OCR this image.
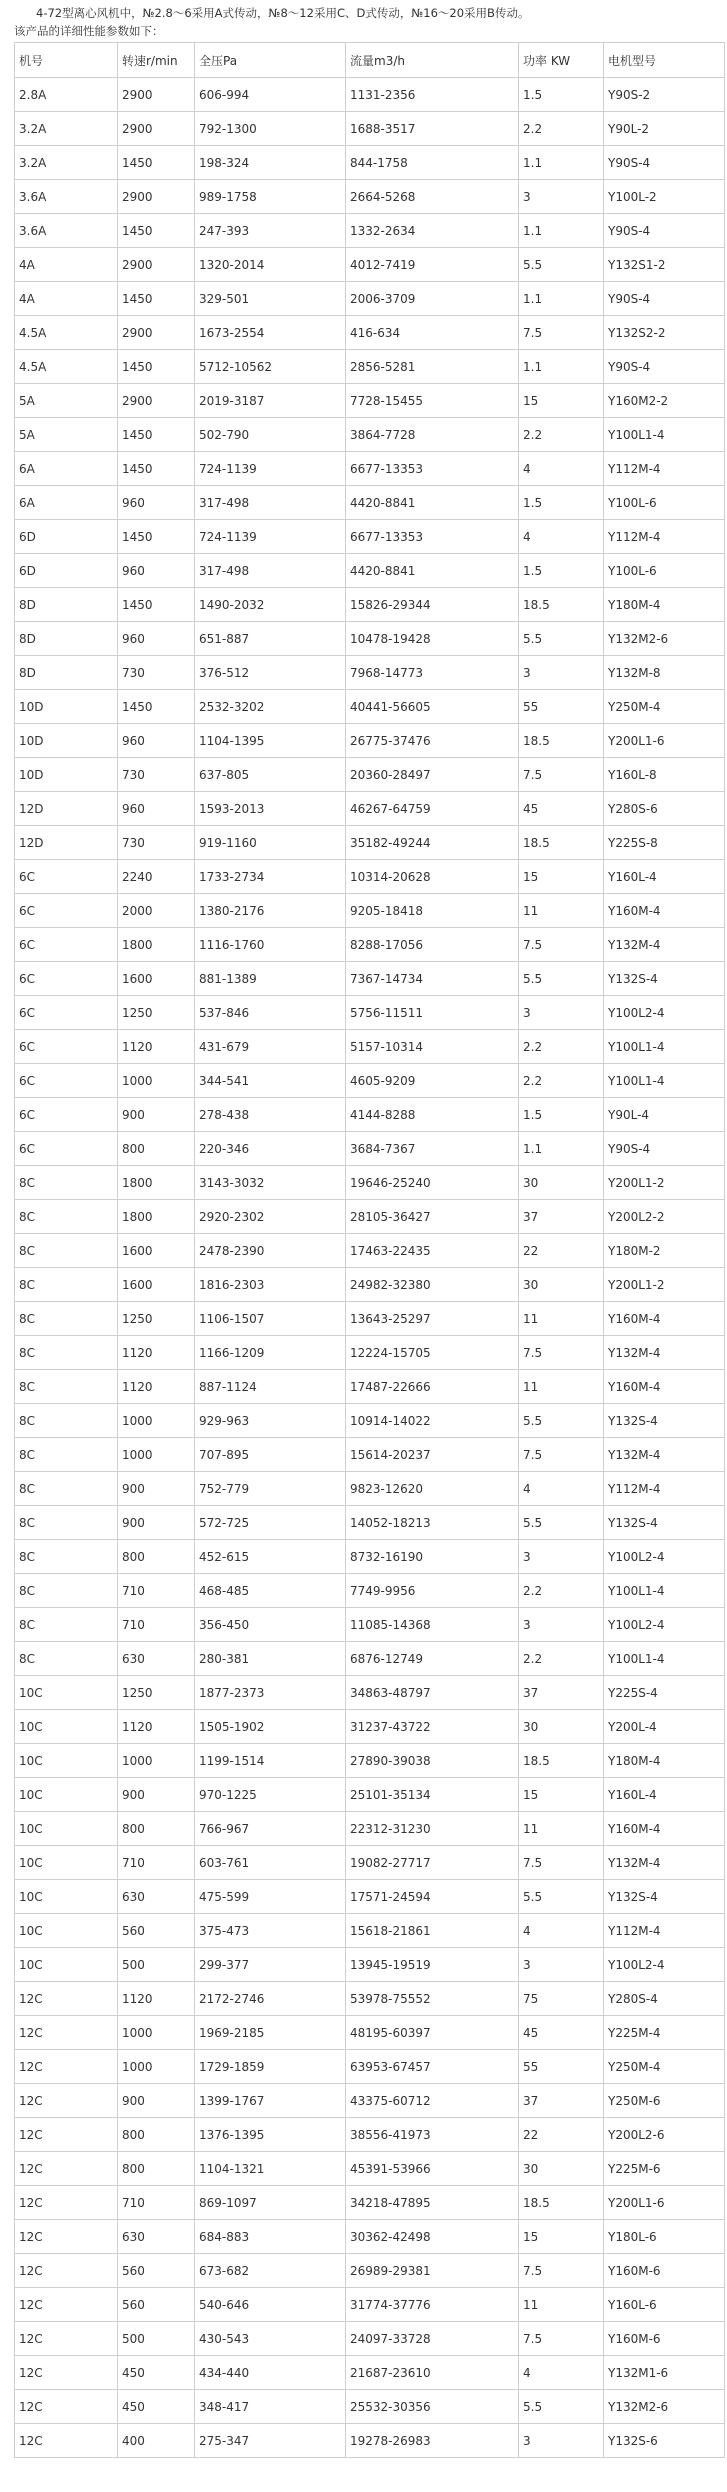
4-72型离心风机中，№2.8～6采用A式传动，№8～12采用C、D式传动，№16～20采用B传动。
该产品的详细性能参数如下：
机号	转速r/min	全压Pa	流量m3/h	功率 KW	电机型号
2.8A	2900	606-994	1131-2356	1.5	Y90S-2
3.2A	2900	792-1300	1688-3517	2.2	Y90L-2
3.2A	1450	198-324	844-1758	1.1	Y90S-4
3.6A	2900	989-1758	2664-5268	3	Y100L-2
3.6A	1450	247-393	1332-2634	1.1	Y90S-4
4A	2900	1320-2014	4012-7419	5.5	Y132S1-2
4A	1450	329-501	2006-3709	1.1	Y90S-4
4.5A	2900	1673-2554	416-634	7.5	Y132S2-2
4.5A	1450	5712-10562	2856-5281	1.1	Y90S-4
5A	2900	2019-3187	7728-15455	15	Y160M2-2
5A	1450	502-790	3864-7728	2.2	Y100L1-4
6A	1450	724-1139	6677-13353	4	Y112M-4
6A	960	317-498	4420-8841	1.5	Y100L-6
6D	1450	724-1139	6677-13353	4	Y112M-4
6D	960	317-498	4420-8841	1.5	Y100L-6
8D	1450	1490-2032	15826-29344	18.5	Y180M-4
8D	960	651-887	10478-19428	5.5	Y132M2-6
8D	730	376-512	7968-14773	3	Y132M-8
10D	1450	2532-3202	40441-56605	55	Y250M-4
10D	960	1104-1395	26775-37476	18.5	Y200L1-6
10D	730	637-805	20360-28497	7.5	Y160L-8
12D	960	1593-2013	46267-64759	45	Y280S-6
12D	730	919-1160	35182-49244	18.5	Y225S-8
6C	2240	1733-2734	10314-20628	15	Y160L-4
6C	2000	1380-2176	9205-18418	11	Y160M-4
6C	1800	1116-1760	8288-17056	7.5	Y132M-4
6C	1600	881-1389	7367-14734	5.5	Y132S-4
6C	1250	537-846	5756-11511	3	Y100L2-4
6C	1120	431-679	5157-10314	2.2	Y100L1-4
6C	1000	344-541	4605-9209	2.2	Y100L1-4
6C	900	278-438	4144-8288	1.5	Y90L-4
6C	800	220-346	3684-7367	1.1	Y90S-4
8C	1800	3143-3032	19646-25240	30	Y200L1-2
8C	1800	2920-2302	28105-36427	37	Y200L2-2
8C	1600	2478-2390	17463-22435	22	Y180M-2
8C	1600	1816-2303	24982-32380	30	Y200L1-2
8C	1250	1106-1507	13643-25297	11	Y160M-4
8C	1120	1166-1209	12224-15705	7.5	Y132M-4
8C	1120	887-1124	17487-22666	11	Y160M-4
8C	1000	929-963	10914-14022	5.5	Y132S-4
8C	1000	707-895	15614-20237	7.5	Y132M-4
8C	900	752-779	9823-12620	4	Y112M-4
8C	900	572-725	14052-18213	5.5	Y132S-4
8C	800	452-615	8732-16190	3	Y100L2-4
8C	710	468-485	7749-9956	2.2	Y100L1-4
8C	710	356-450	11085-14368	3	Y100L2-4
8C	630	280-381	6876-12749	2.2	Y100L1-4
10C	1250	1877-2373	34863-48797	37	Y225S-4
10C	1120	1505-1902	31237-43722	30	Y200L-4
10C	1000	1199-1514	27890-39038	18.5	Y180M-4
10C	900	970-1225	25101-35134	15	Y160L-4
10C	800	766-967	22312-31230	11	Y160M-4
10C	710	603-761	19082-27717	7.5	Y132M-4
10C	630	475-599	17571-24594	5.5	Y132S-4
10C	560	375-473	15618-21861	4	Y112M-4
10C	500	299-377	13945-19519	3	Y100L2-4
12C	1120	2172-2746	53978-75552	75	Y280S-4
12C	1000	1969-2185	48195-60397	45	Y225M-4
12C	1000	1729-1859	63953-67457	55	Y250M-4
12C	900	1399-1767	43375-60712	37	Y250M-6
12C	800	1376-1395	38556-41973	22	Y200L2-6
12C	800	1104-1321	45391-53966	30	Y225M-6
12C	710	869-1097	34218-47895	18.5	Y200L1-6
12C	630	684-883	30362-42498	15	Y180L-6
12C	560	673-682	26989-29381	7.5	Y160M-6
12C	560	540-646	31774-37776	11	Y160L-6
12C	500	430-543	24097-33728	7.5	Y160M-6
12C	450	434-440	21687-23610	4	Y132M1-6
12C	450	348-417	25532-30356	5.5	Y132M2-6
12C	400	275-347	19278-26983	3	Y132S-6
